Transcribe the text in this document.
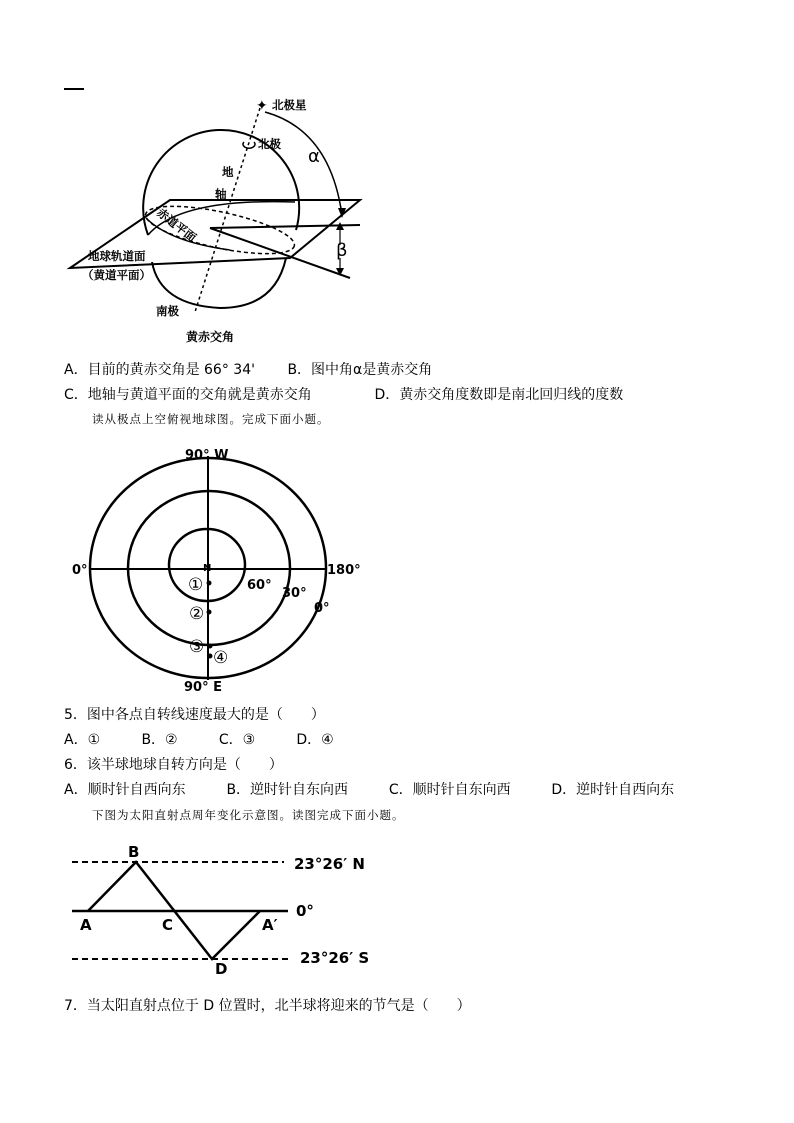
✦ 北极星
北极
地
轴
赤道平面
地球轨道面
（黄道平面）
南极
α
β
黄赤交角
A．目前的黄赤交角是 66° 34' B．图中角α是黄赤交角
C．地轴与黄道平面的交角就是黄赤交角	D．黄赤交角度数即是南北回归线的度数
读从极点上空俯视地球图。完成下面小题。
90° W
90° E
0°	180°
N
60°
30°
0°
①
②
③
④
5．图中各点自转线速度最大的是（　　）
A．①	B．②	C．③	D．④
6．该半球地球自转方向是（　　）
A．顺时针自西向东	B．逆时针自东向西	C．顺时针自东向西	D．逆时针自西向东
下图为太阳直射点周年变化示意图。读图完成下面小题。
B
A	C	A′
D
23°26′ N
0°
23°26′ S
7．当太阳直射点位于 D 位置时，北半球将迎来的节气是（　　）
